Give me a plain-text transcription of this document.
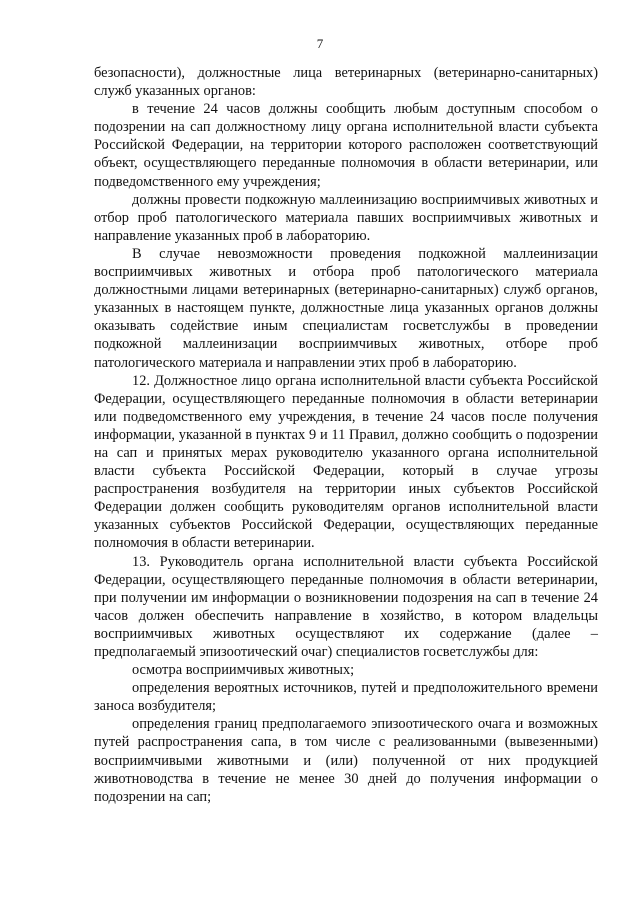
7

безопасности), должностные лица ветеринарных (ветеринарно-санитарных) служб указанных органов:

в течение 24 часов должны сообщить любым доступным способом о подозрении на сап должностному лицу органа исполнительной власти субъекта Российской Федерации, на территории которого расположен соответствующий объект, осуществляющего переданные полномочия в области ветеринарии, или подведомственного ему учреждения;

должны провести подкожную маллеинизацию восприимчивых животных и отбор проб патологического материала павших восприимчивых животных и направление указанных проб в лабораторию.

В случае невозможности проведения подкожной маллеинизации восприимчивых животных и отбора проб патологического материала должностными лицами ветеринарных (ветеринарно-санитарных) служб органов, указанных в настоящем пункте, должностные лица указанных органов должны оказывать содействие иным специалистам госветслужбы в проведении подкожной маллеинизации восприимчивых животных, отборе проб патологического материала и направлении этих проб в лабораторию.

12. Должностное лицо органа исполнительной власти субъекта Российской Федерации, осуществляющего переданные полномочия в области ветеринарии или подведомственного ему учреждения, в течение 24 часов после получения информации, указанной в пунктах 9 и 11 Правил, должно сообщить о подозрении на сап и принятых мерах руководителю указанного органа исполнительной власти субъекта Российской Федерации, который в случае угрозы распространения возбудителя на территории иных субъектов Российской Федерации должен сообщить руководителям органов исполнительной власти указанных субъектов Российской Федерации, осуществляющих переданные полномочия в области ветеринарии.

13. Руководитель органа исполнительной власти субъекта Российской Федерации, осуществляющего переданные полномочия в области ветеринарии, при получении им информации о возникновении подозрения на сап в течение 24 часов должен обеспечить направление в хозяйство, в котором владельцы восприимчивых животных осуществляют их содержание (далее – предполагаемый эпизоотический очаг) специалистов госветслужбы для:

осмотра восприимчивых животных;

определения вероятных источников, путей и предположительного времени заноса возбудителя;

определения границ предполагаемого эпизоотического очага и возможных путей распространения сапа, в том числе с реализованными (вывезенными) восприимчивыми животными и (или) полученной от них продукцией животноводства в течение не менее 30 дней до получения информации о подозрении на сап;
